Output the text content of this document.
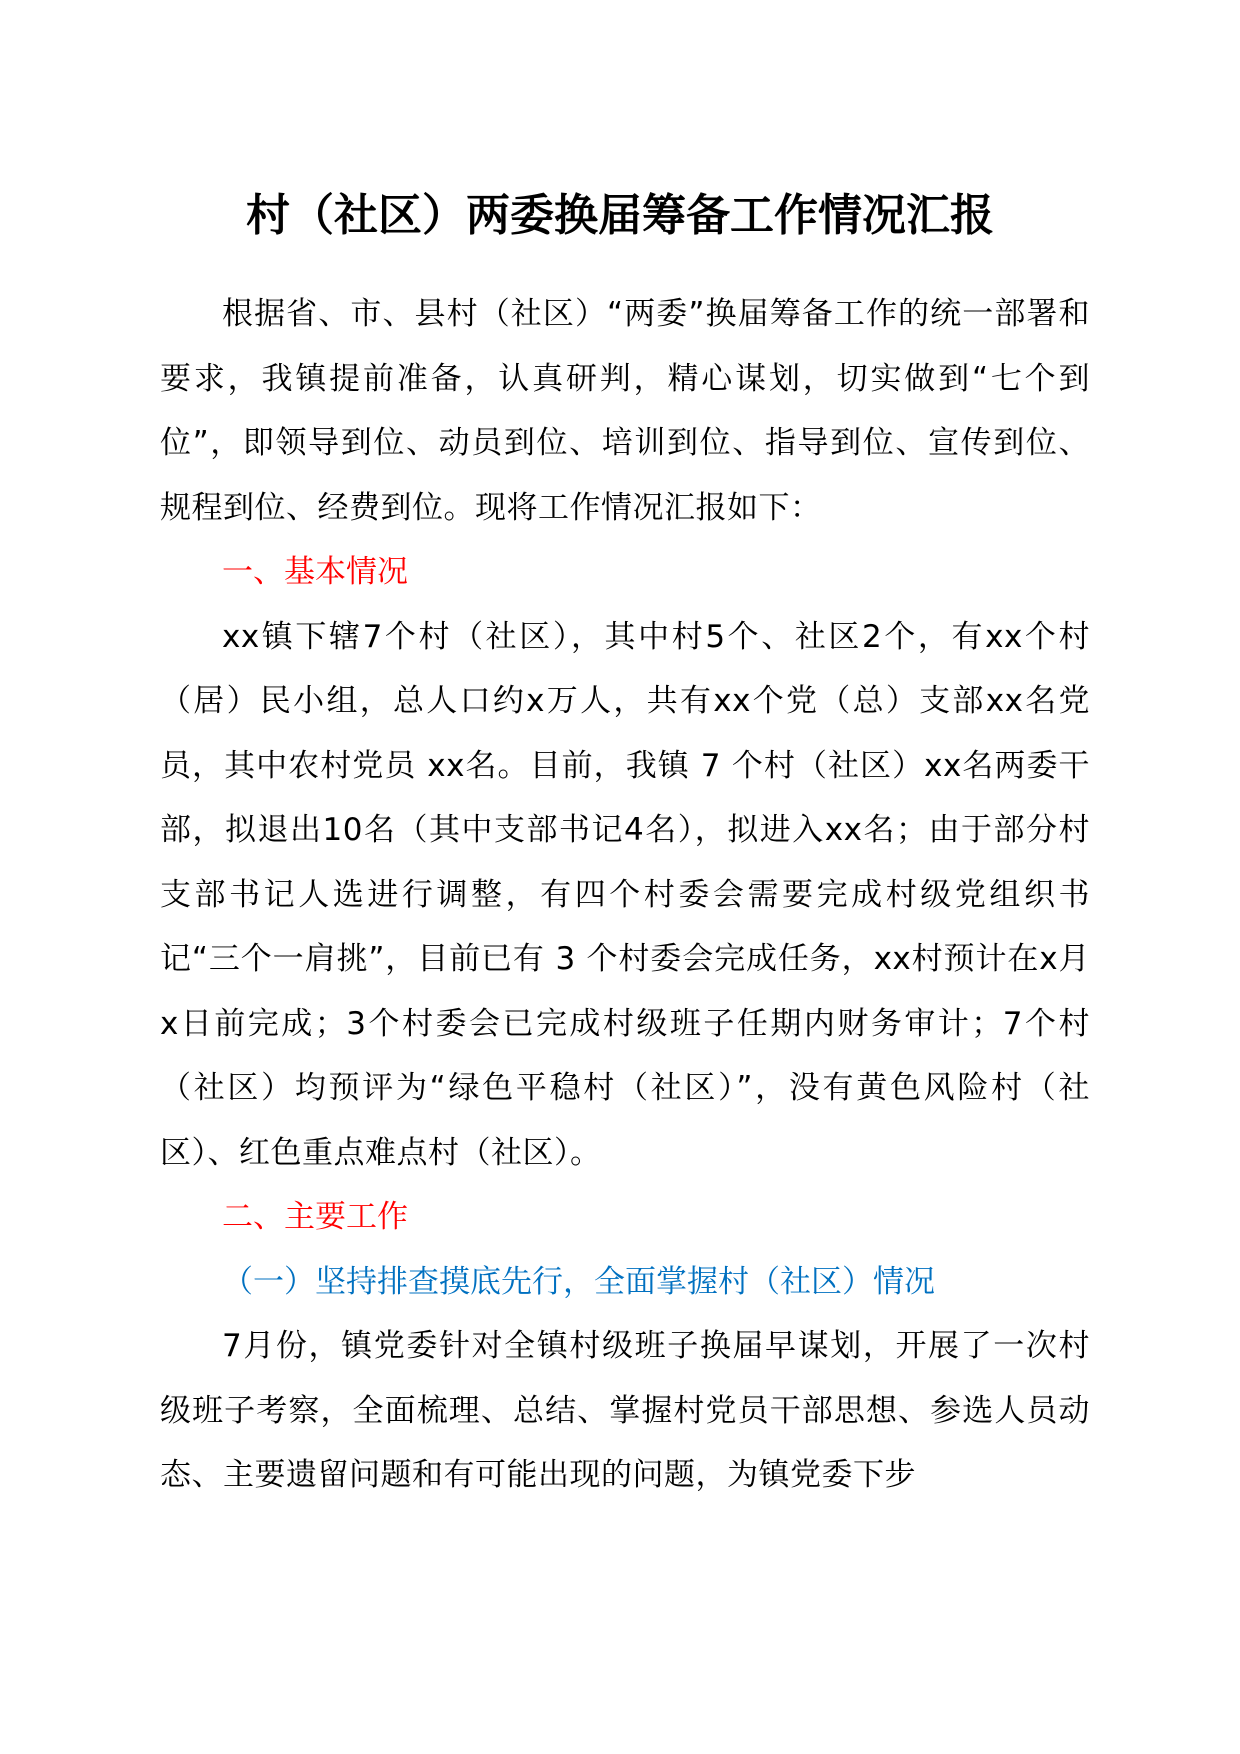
村（社区）两委换届筹备工作情况汇报

根据省、市、县村（社区）“两委”换届筹备工作的统一部署和要求，我镇提前准备，认真研判，精心谋划，切实做到“七个到位”，即领导到位、动员到位、培训到位、指导到位、宣传到位、规程到位、经费到位。现将工作情况汇报如下：

一、基本情况

xx镇下辖7个村（社区），其中村5个、社区2个，有xx个村（居）民小组，总人口约x万人，共有xx个党（总）支部xx名党员，其中农村党员 xx名。目前，我镇 7 个村（社区）xx名两委干部，拟退出10名（其中支部书记4名），拟进入xx名；由于部分村支部书记人选进行调整，有四个村委会需要完成村级党组织书记“三个一肩挑”，目前已有 3 个村委会完成任务，xx村预计在x月x日前完成；3个村委会已完成村级班子任期内财务审计；7个村（社区）均预评为“绿色平稳村（社区）”，没有黄色风险村（社区）、红色重点难点村（社区）。

二、主要工作

（一）坚持排查摸底先行，全面掌握村（社区）情况

7月份，镇党委针对全镇村级班子换届早谋划，开展了一次村级班子考察，全面梳理、总结、掌握村党员干部思想、参选人员动态、主要遗留问题和有可能出现的问题，为镇党委下步
